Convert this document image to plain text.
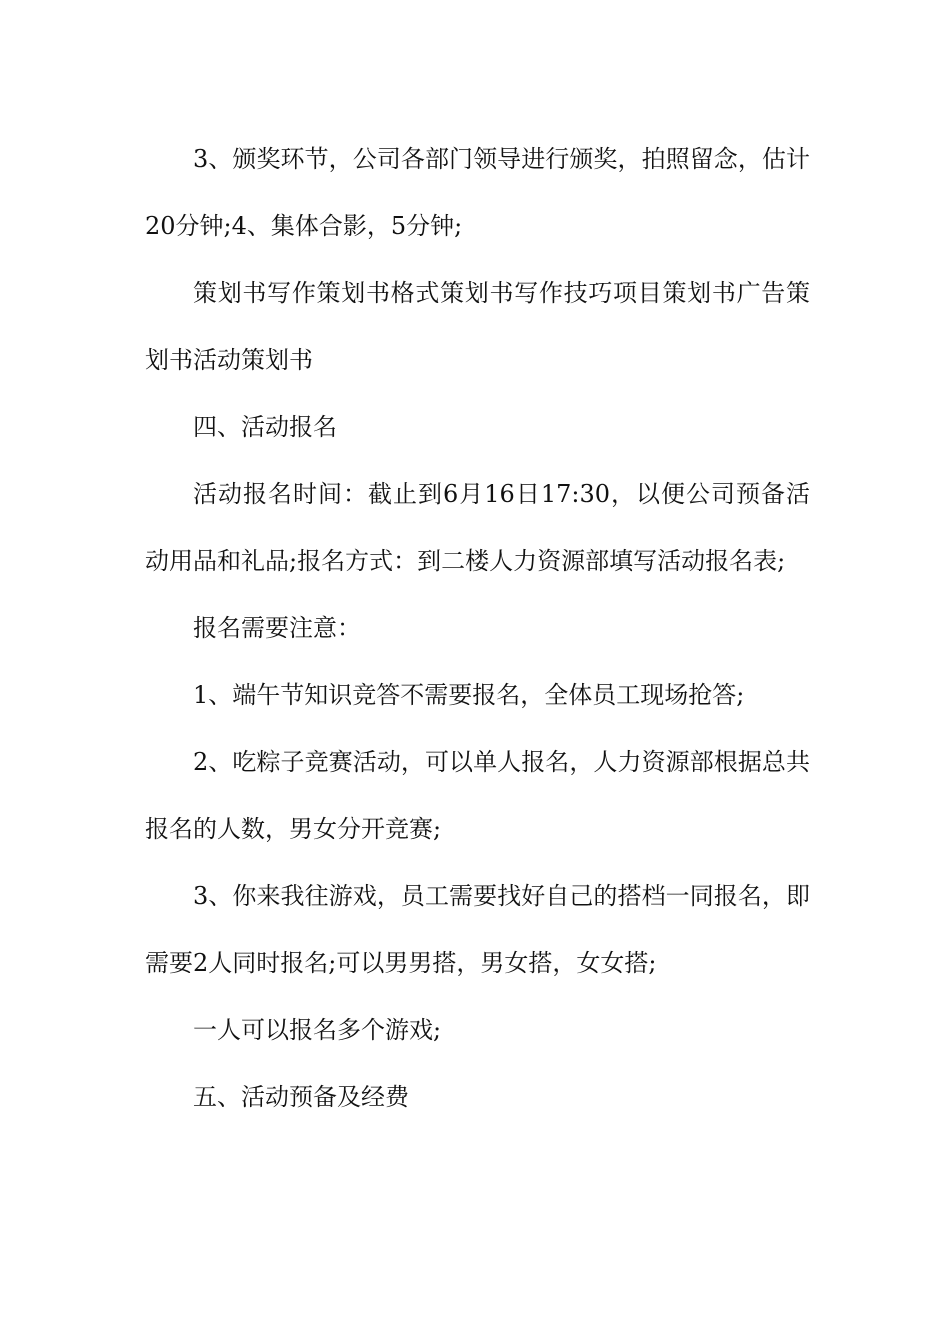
3、颁奖环节，公司各部门领导进行颁奖，拍照留念，估计20分钟;4、集体合影，5分钟;

策划书写作策划书格式策划书写作技巧项目策划书广告策划书活动策划书

四、活动报名

活动报名时间：截止到6月16日17:30，以便公司预备活动用品和礼品;报名方式：到二楼人力资源部填写活动报名表;

报名需要注意：

1、端午节知识竞答不需要报名，全体员工现场抢答;

2、吃粽子竞赛活动，可以单人报名，人力资源部根据总共报名的人数，男女分开竞赛;

3、你来我往游戏，员工需要找好自己的搭档一同报名，即需要2人同时报名;可以男男搭，男女搭，女女搭;

一人可以报名多个游戏;

五、活动预备及经费
